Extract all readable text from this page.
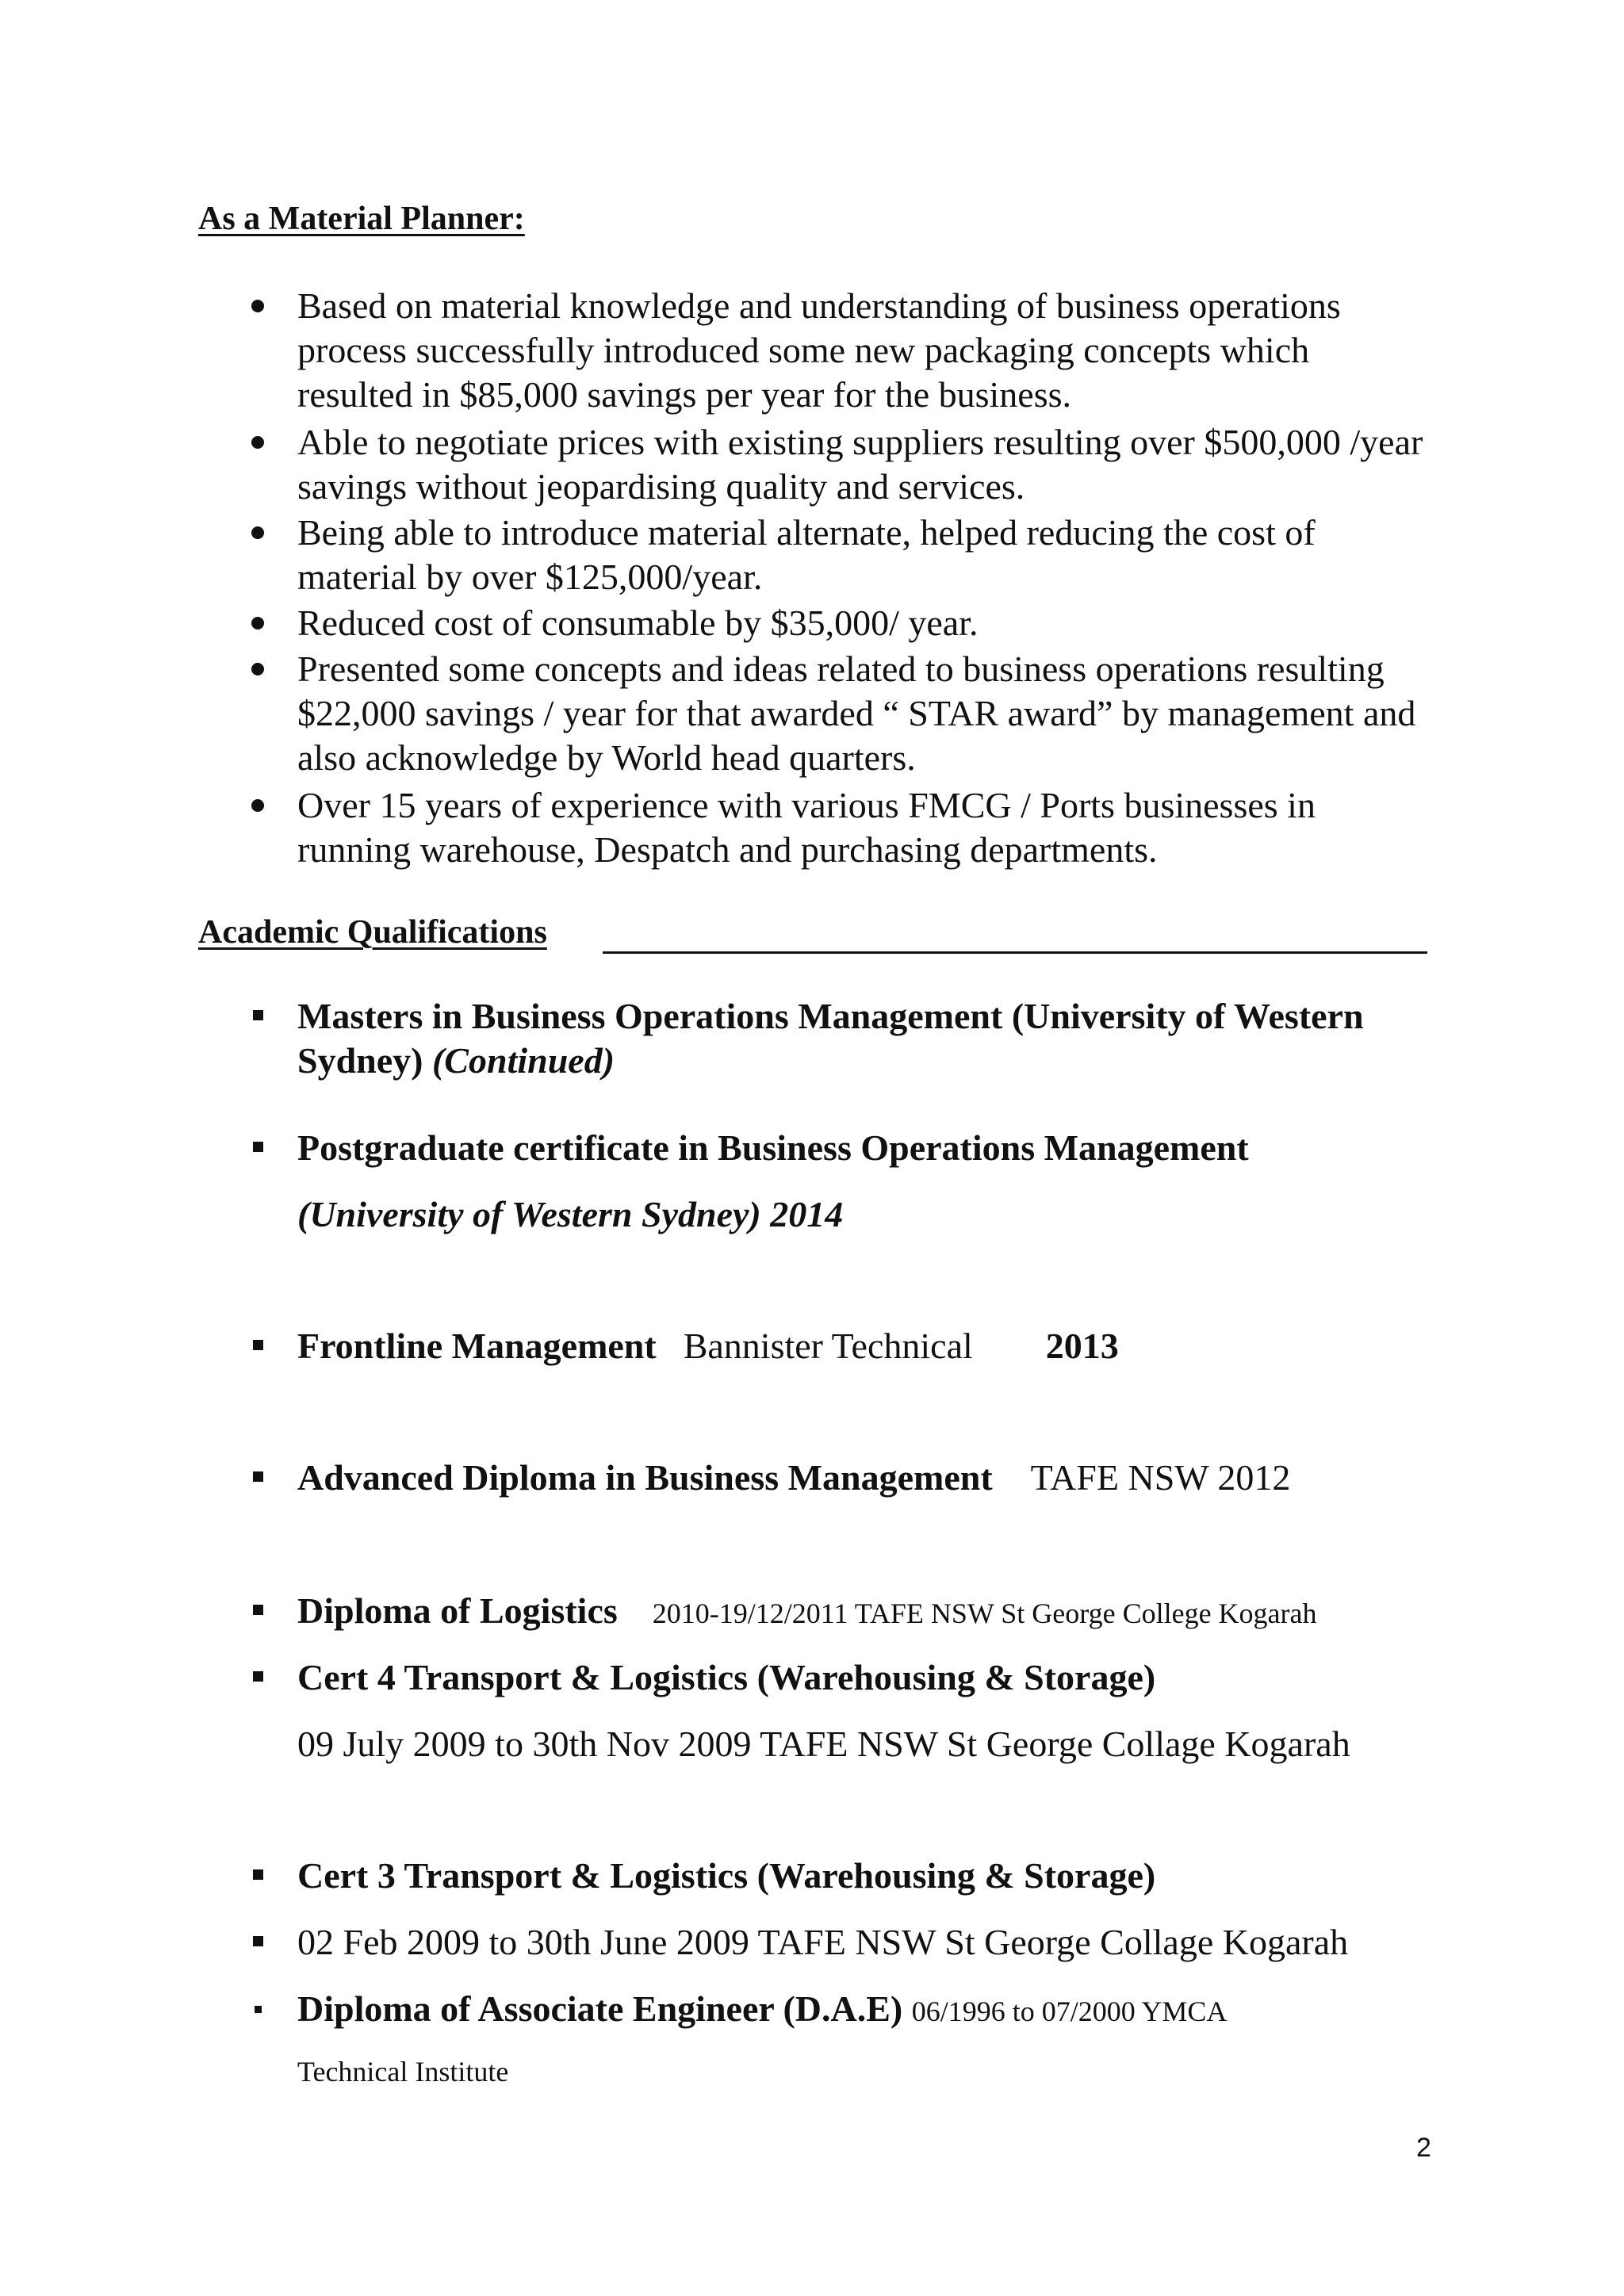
As a Material Planner:
Based on material knowledge and understanding of business operations process successfully introduced some new packaging concepts which resulted in $85,000 savings per year for the business.
Able to negotiate prices with existing suppliers resulting over $500,000 /year savings without jeopardising quality and services.
Being able to introduce material alternate, helped reducing the cost of material by over $125,000/year.
Reduced cost of consumable by $35,000/ year.
Presented some concepts and ideas related to business operations resulting $22,000 savings / year for that awarded “ STAR award” by management and also acknowledge by World head quarters.
Over 15 years of experience with various FMCG / Ports businesses in running warehouse, Despatch and purchasing departments.
Academic Qualifications
Masters in Business Operations Management (University of Western Sydney) (Continued)
Postgraduate certificate in Business Operations Management
(University of Western Sydney) 2014
Frontline Management Bannister Technical 2013
Advanced Diploma in Business Management TAFE NSW 2012
Diploma of Logistics 2010-19/12/2011 TAFE NSW St George College Kogarah
Cert 4 Transport & Logistics (Warehousing & Storage)
09 July 2009 to 30th Nov 2009 TAFE NSW St George Collage Kogarah
Cert 3 Transport & Logistics (Warehousing & Storage)
02 Feb 2009 to 30th June 2009 TAFE NSW St George Collage Kogarah
Diploma of Associate Engineer (D.A.E) 06/1996 to 07/2000 YMCA
Technical Institute
2
